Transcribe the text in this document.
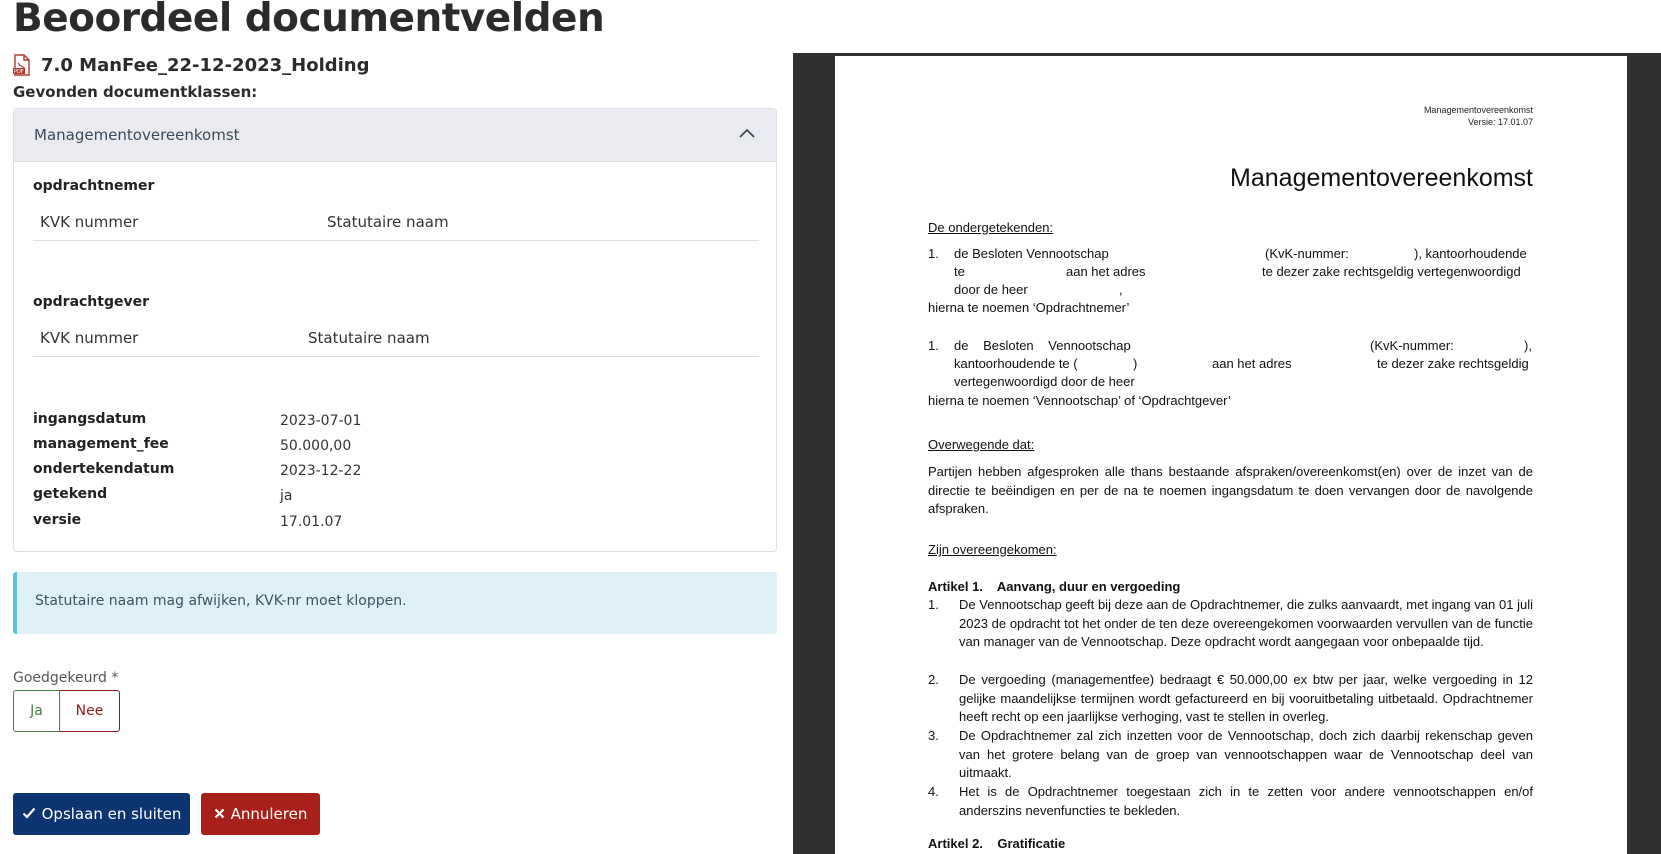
Beoordeel documentvelden
PDF 7.0 ManFee_22-12-2023_Holding
Gevonden documentklassen:
Managementovereenkomst
opdrachtnemer
KVK nummer	Statutaire naam
opdrachtgever
KVK nummer	Statutaire naam
ingangsdatum	2023-07-01
management_fee	50.000,00
ondertekendatum	2023-12-22
getekend	ja
versie	17.01.07
Statutaire naam mag afwijken, KVK-nr moet kloppen.
Goedgekeurd *
Ja	Nee
Opslaan en sluiten	Annuleren
Managementovereenkomst
Versie: 17.01.07
Managementovereenkomst
De ondergetekenden:
1. de Besloten Vennootschap	(KvK-nummer:	), kantoorhoudende
te	aan het adres	te dezer zake rechtsgeldig vertegenwoordigd
door de heer	,
hierna te noemen ‘Opdrachtnemer’
1. de Besloten Vennootschap	(KvK-nummer:	),
kantoorhoudende te (	)	aan het adres	te dezer zake rechtsgeldig
vertegenwoordigd door de heer
hierna te noemen ‘Vennootschap’ of ‘Opdrachtgever’
Overwegende dat:
Partijen hebben afgesproken alle thans bestaande afspraken/overeenkomst(en) over de inzet van de directie te beëindigen en per de na te noemen ingangsdatum te doen vervangen door de navolgende afspraken.
Zijn overeengekomen:
Artikel 1.    Aanvang, duur en vergoeding
1. De Vennootschap geeft bij deze aan de Opdrachtnemer, die zulks aanvaardt, met ingang van 01 juli 2023 de opdracht tot het onder de ten deze overeengekomen voorwaarden vervullen van de functie van manager van de Vennootschap. Deze opdracht wordt aangegaan voor onbepaalde tijd.
2. De vergoeding (managementfee) bedraagt € 50.000,00 ex btw per jaar, welke vergoeding in 12 gelijke maandelijkse termijnen wordt gefactureerd en bij vooruitbetaling uitbetaald. Opdrachtnemer heeft recht op een jaarlijkse verhoging, vast te stellen in overleg.
3. De Opdrachtnemer zal zich inzetten voor de Vennootschap, doch zich daarbij rekenschap geven van het grotere belang van de groep van vennootschappen waar de Vennootschap deel van uitmaakt.
4. Het is de Opdrachtnemer toegestaan zich in te zetten voor andere vennootschappen en/of anderszins nevenfuncties te bekleden.
Artikel 2.    Gratificatie
